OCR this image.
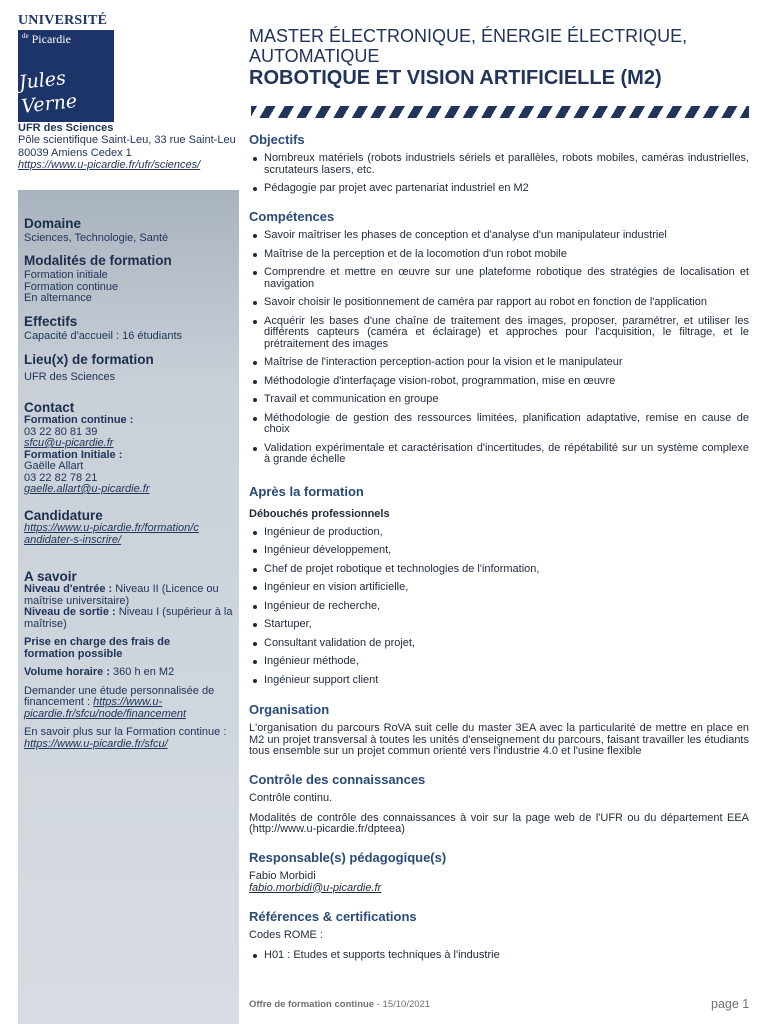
UNIVERSITÉ
$^{de}$ Picardie
Jules Verne
UFR des Sciences
Pôle scientifique Saint-Leu, 33 rue Saint-Leu
80039 Amiens Cedex 1
https://www.u-picardie.fr/ufr/sciences/
Domaine

Sciences, Technologie, Santé

Modalités de formation

Formation initiale

Formation continue

En alternance

Effectifs

Capacité d'accueil : 16 étudiants

Lieu(x) de formation

UFR des Sciences

Contact

Formation continue :

03 22 80 81 39

sfcu@u-picardie.fr

Formation Initiale :

Gaëlle Allart

03 22 82 78 21

gaelle.allart@u-picardie.fr

Candidature

https://www.u-picardie.fr/formation/candidater-s-inscrire/

A savoir

Niveau d'entrée : Niveau II (Licence ou maîtrise universitaire)

Niveau de sortie : Niveau I (supérieur à la maîtrise)

Prise en charge des frais de formation possible

Volume horaire : 360 h en M2

Demander une étude personnalisée de financement : https://www.u-picardie.fr/sfcu/node/financement

En savoir plus sur la Formation continue : https://www.u-picardie.fr/sfcu/

MASTER ÉLECTRONIQUE, ÉNERGIE ÉLECTRIQUE, AUTOMATIQUE
ROBOTIQUE ET VISION ARTIFICIELLE (M2)
Objectifs
Nombreux matériels (robots industriels sériels et parallèles, robots mobiles, caméras industrielles, scrutateurs lasers, etc.
Pédagogie par projet avec partenariat industriel en M2
Compétences
Savoir maîtriser les phases de conception et d'analyse d'un manipulateur industriel
Maîtrise de la perception et de la locomotion d'un robot mobile
Comprendre et mettre en œuvre sur une plateforme robotique des stratégies de localisation et navigation
Savoir choisir le positionnement de caméra par rapport au robot en fonction de l'application
Acquérir les bases d'une chaîne de traitement des images, proposer, paramétrer, et utiliser les différents capteurs (caméra et éclairage) et approches pour l'acquisition, le filtrage, et le prétraitement des images
Maîtrise de l'interaction perception-action pour la vision et le manipulateur
Méthodologie d'interfaçage vision-robot, programmation, mise en œuvre
Travail et communication en groupe
Méthodologie de gestion des ressources limitées, planification adaptative, remise en cause de choix
Validation expérimentale et caractérisation d'incertitudes, de répétabilité sur un système complexe à grande échelle
Après la formation

Débouchés professionnels

Ingénieur de production,
Ingénieur développement,
Chef de projet robotique et technologies de l'information,
Ingénieur en vision artificielle,
Ingénieur de recherche,
Startuper,
Consultant validation de projet,
Ingénieur méthode,
Ingénieur support client
Organisation

L'organisation du parcours RoVA suit celle du master 3EA avec la particularité de mettre en place en M2 un projet transversal à toutes les unités d'enseignement du parcours, faisant travailler les étudiants tous ensemble sur un projet commun orienté vers l'industrie 4.0 et l'usine flexible

Contrôle des connaissances

Contrôle continu.

Modalités de contrôle des connaissances à voir sur la page web de l'UFR ou du département EEA (http://www.u-picardie.fr/dpteea)

Responsable(s) pédagogique(s)

Fabio Morbidi

fabio.morbidi@u-picardie.fr

Références & certifications

Codes ROME :

H01 : Etudes et supports techniques à l'industrie
Offre de formation continue - 15/10/2021	page 1
